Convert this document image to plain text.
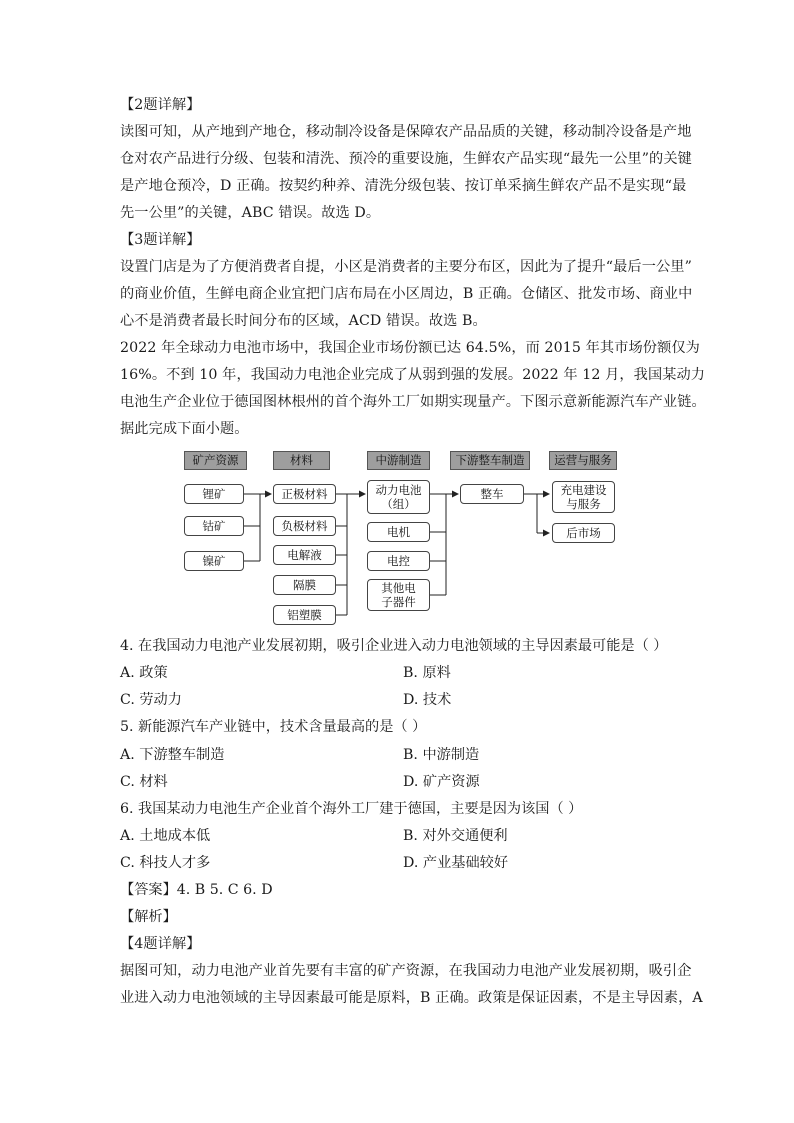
【2题详解】
读图可知，从产地到产地仓，移动制冷设备是保障农产品品质的关键，移动制冷设备是产地
仓对农产品进行分级、包装和清洗、预冷的重要设施，生鲜农产品实现“最先一公里”的关键
是产地仓预冷，D 正确。按契约种养、清洗分级包装、按订单采摘生鲜农产品不是实现“最
先一公里”的关键，ABC 错误。故选 D。
【3题详解】
设置门店是为了方便消费者自提，小区是消费者的主要分布区，因此为了提升“最后一公里”
的商业价值，生鲜电商企业宜把门店布局在小区周边，B 正确。仓储区、批发市场、商业中
心不是消费者最长时间分布的区域，ACD 错误。故选 B。
2022 年全球动力电池市场中，我国企业市场份额已达 64.5%，而 2015 年其市场份额仅为
16%。不到 10 年，我国动力电池企业完成了从弱到强的发展。2022 年 12 月，我国某动力
电池生产企业位于德国图林根州的首个海外工厂如期实现量产。下图示意新能源汽车产业链。
据此完成下面小题。
矿产资源	材料	中游制造	下游整车制造	运营与服务
锂矿
钴矿
镍矿
正极材料
负极材料
电解液
隔膜
铝塑膜
动力电池
（组）
电机
电控
其他电
子器件
整车	充电建设
与服务
后市场
4. 在我国动力电池产业发展初期，吸引企业进入动力电池领域的主导因素最可能是（ ）
A. 政策	B. 原料
C. 劳动力	D. 技术
5. 新能源汽车产业链中，技术含量最高的是（ ）
A. 下游整车制造	B. 中游制造
C. 材料	D. 矿产资源
6. 我国某动力电池生产企业首个海外工厂建于德国，主要是因为该国（ ）
A. 土地成本低	B. 对外交通便利
C. 科技人才多	D. 产业基础较好
【答案】4. B 5. C 6. D
【解析】
【4题详解】
据图可知，动力电池产业首先要有丰富的矿产资源，在我国动力电池产业发展初期，吸引企
业进入动力电池领域的主导因素最可能是原料，B 正确。政策是保证因素，不是主导因素，A
